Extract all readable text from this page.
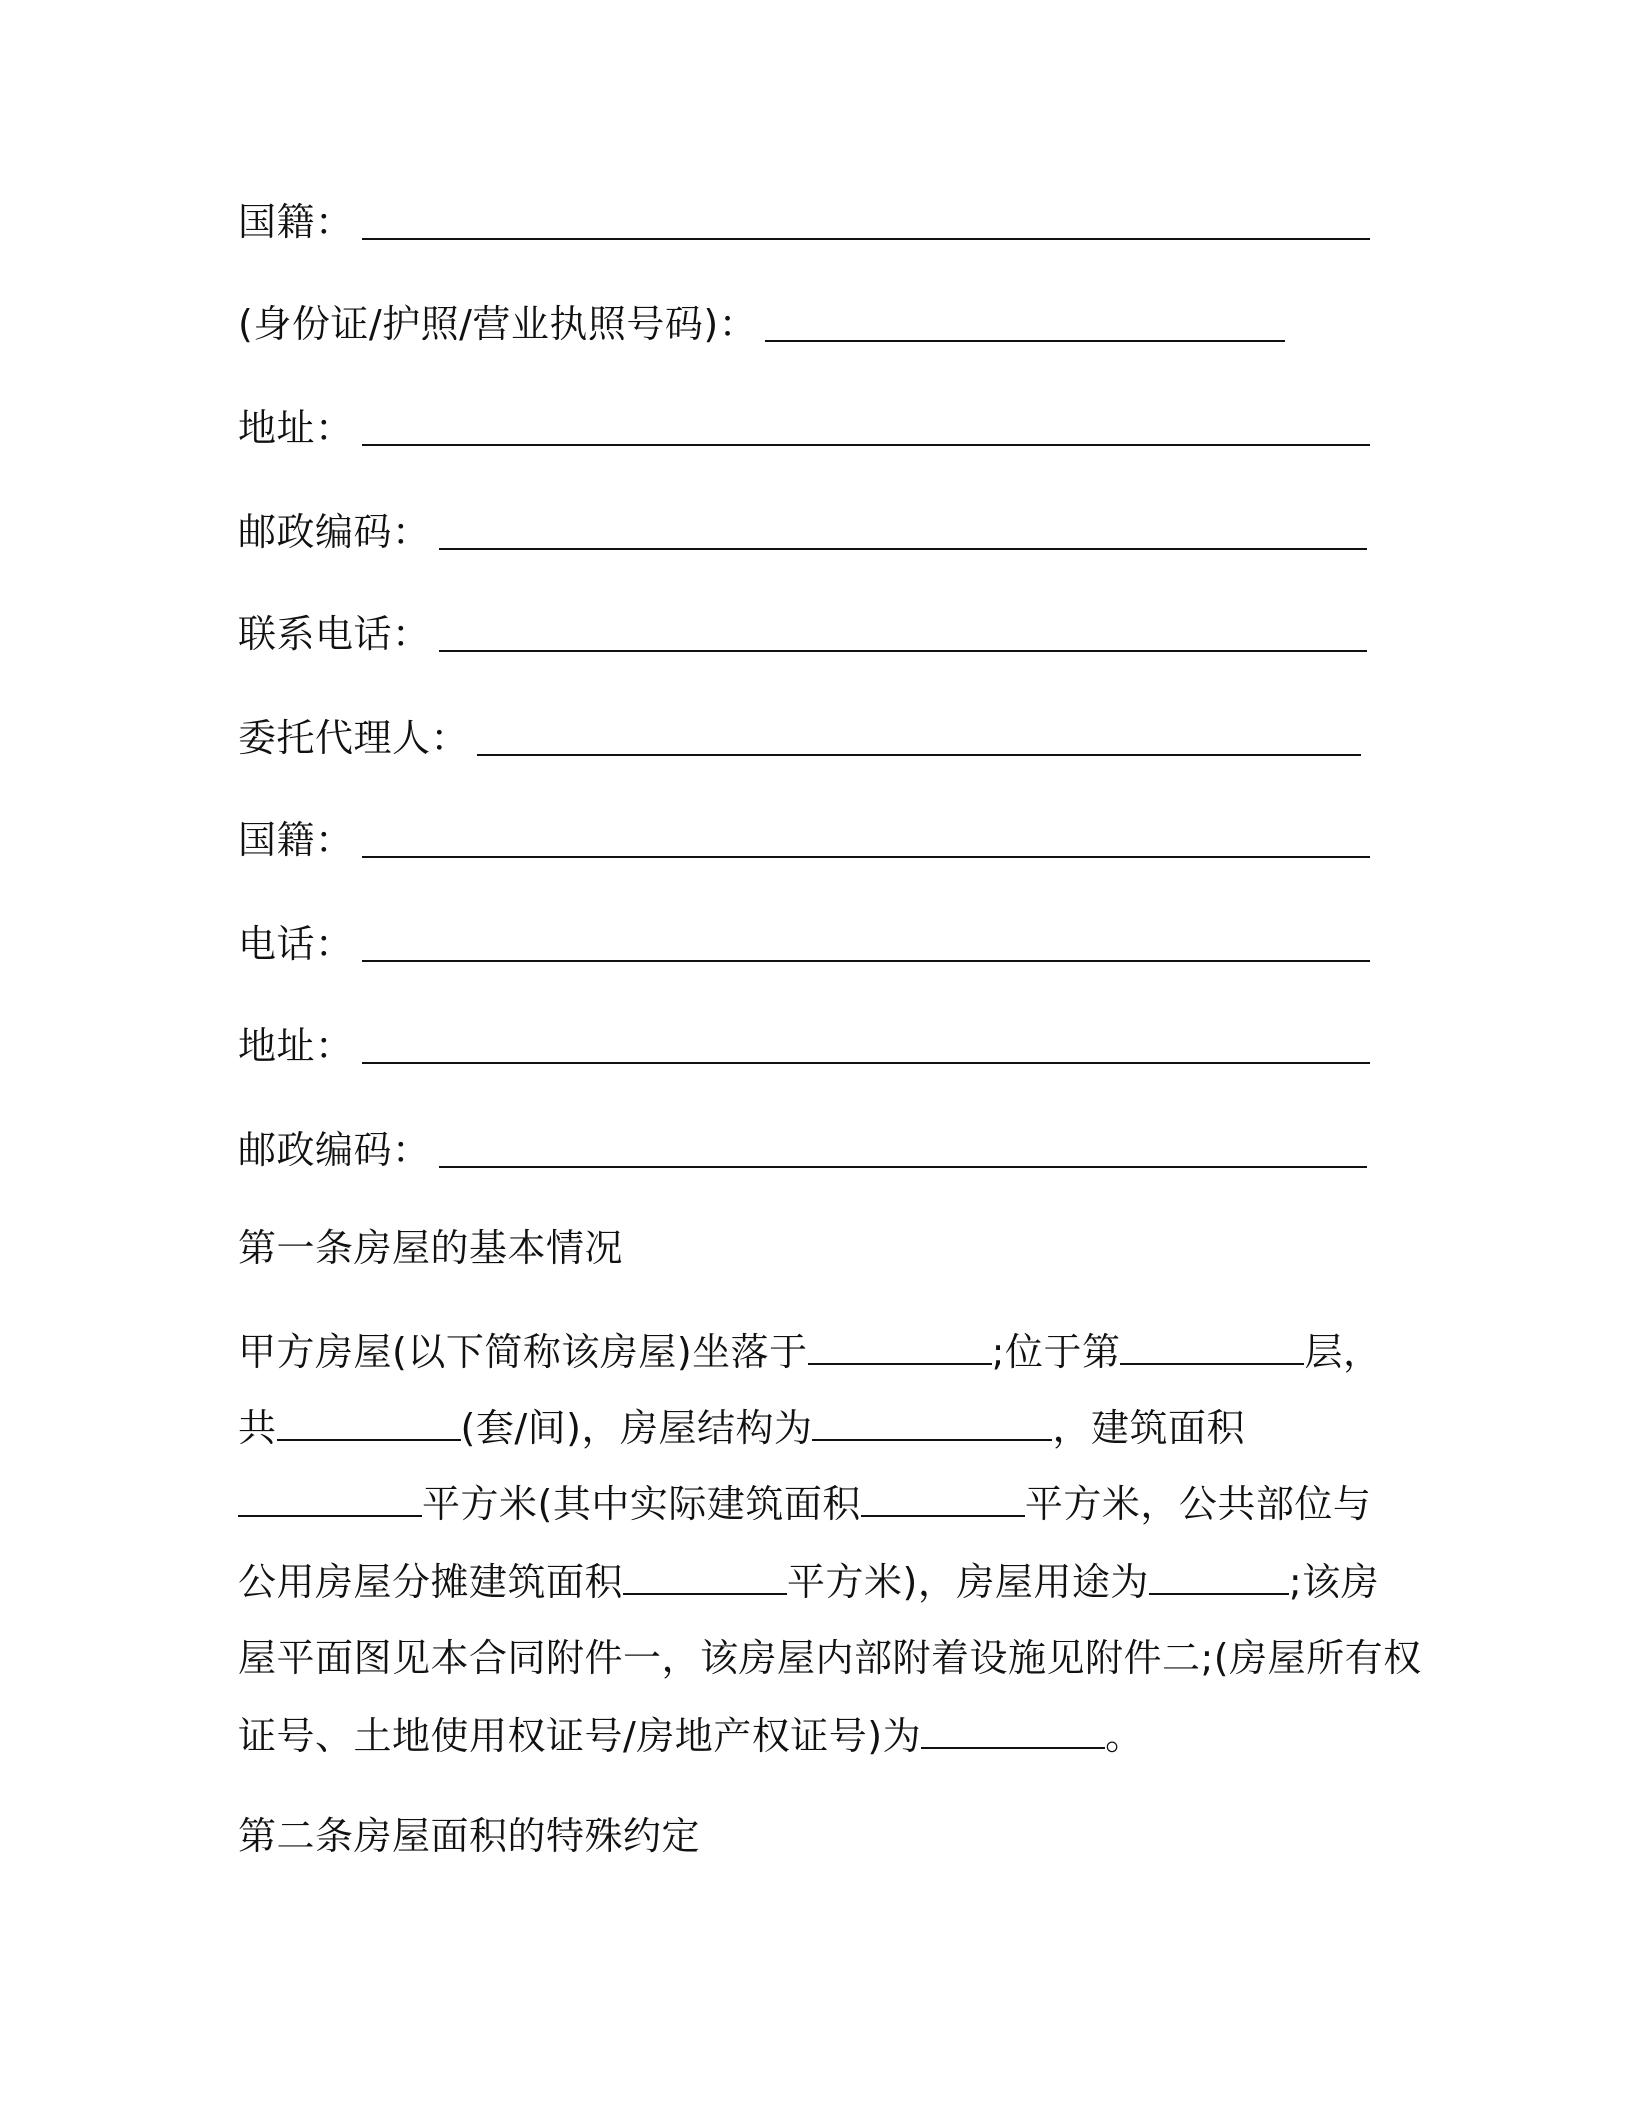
国籍：
(身份证/护照/营业执照号码)：
地址：
邮政编码：
联系电话：
委托代理人：
国籍：
电话：
地址：
邮政编码：
第一条房屋的基本情况
甲方房屋(以下简称该房屋)坐落于	;位于第	层，
共	(套/间)，房屋结构为	，建筑面积
平方米(其中实际建筑面积	平方米，公共部位与
公用房屋分摊建筑面积	平方米)，房屋用途为	;该房
屋平面图见本合同附件一，该房屋内部附着设施见附件二;(房屋所有权
证号、土地使用权证号/房地产权证号)为	。
第二条房屋面积的特殊约定
